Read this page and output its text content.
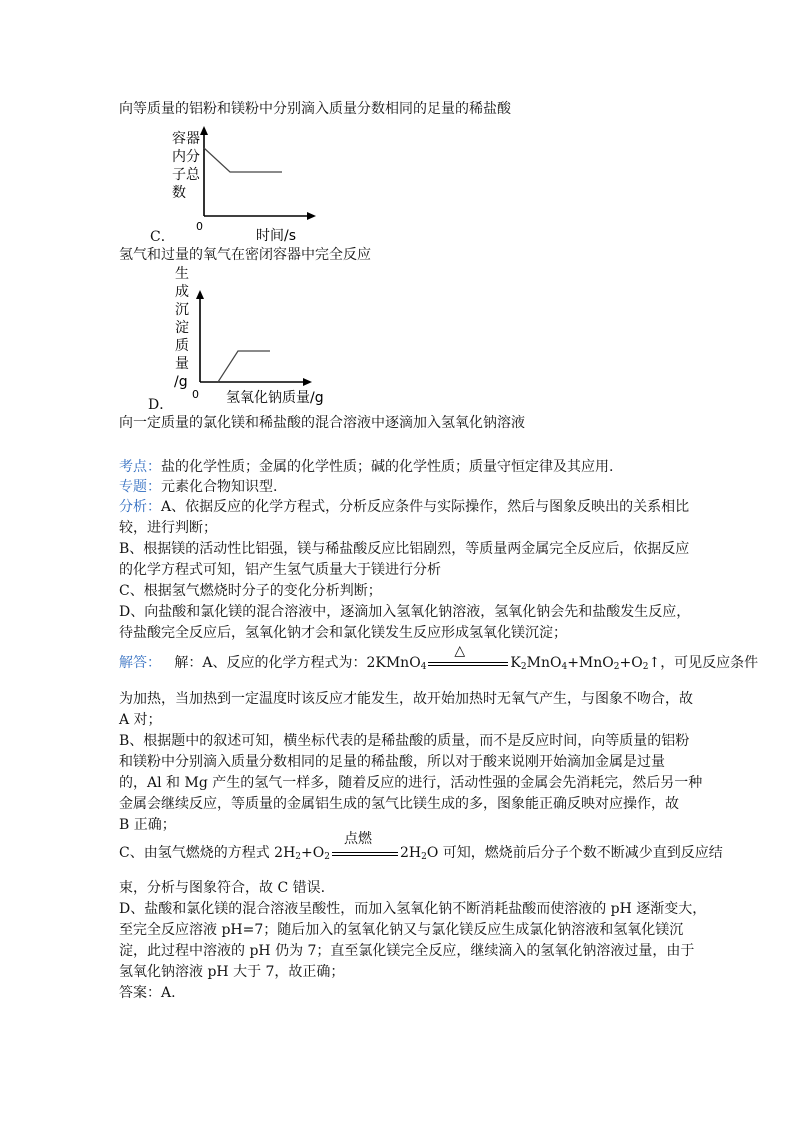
向等质量的铝粉和镁粉中分别滴入质量分数相同的足量的稀盐酸
容器
内分
子总
数
0
时间/s
C．
氢气和过量的氧气在密闭容器中完全反应
生
成
沉
淀
质
量
/g
0 氢氧化钠质量/g
D．
向一定质量的氯化镁和稀盐酸的混合溶液中逐滴加入氢氧化钠溶液
考点：盐的化学性质；金属的化学性质；碱的化学性质；质量守恒定律及其应用.
专题：元素化合物知识型.
分析：A、依据反应的化学方程式，分析反应条件与实际操作，然后与图象反映出的关系相比
较，进行判断；
B、根据镁的活动性比铝强，镁与稀盐酸反应比铝剧烈，等质量两金属完全反应后，依据反应
的化学方程式可知，铝产生氢气质量大于镁进行分析
C、根据氢气燃烧时分子的变化分析判断；
D、向盐酸和氯化镁的混合溶液中，逐滴加入氢氧化钠溶液，氢氧化钠会先和盐酸发生反应，
待盐酸完全反应后，氢氧化钠才会和氯化镁发生反应形成氢氧化镁沉淀；
解答： 解：A、反应的化学方程式为：2KMnO$_4$
△
$K_2MnO_4+MnO_2+O_2↑$，可见反应条件
为加热，当加热到一定温度时该反应才能发生，故开始加热时无氧气产生，与图象不吻合，故
A 对；
B、根据题中的叙述可知，横坐标代表的是稀盐酸的质量，而不是反应时间，向等质量的铝粉
和镁粉中分别滴入质量分数相同的足量的稀盐酸，所以对于酸来说刚开始滴加金属是过量
的，Al 和 Mg 产生的氢气一样多，随着反应的进行，活动性强的金属会先消耗完，然后另一种
金属会继续反应，等质量的金属铝生成的氢气比镁生成的多，图象能正确反映对应操作，故
B 正确；
C、由氢气燃烧的方程式 $2H_2+O_2$
点燃
$2H_2O$ 可知，燃烧前后分子个数不断减少直到反应结
束，分析与图象符合，故 C 错误.
D、盐酸和氯化镁的混合溶液呈酸性，而加入氢氧化钠不断消耗盐酸而使溶液的 pH 逐渐变大，
至完全反应溶液 pH=7；随后加入的氢氧化钠又与氯化镁反应生成氯化钠溶液和氢氧化镁沉
淀，此过程中溶液的 pH 仍为 7；直至氯化镁完全反应，继续滴入的氢氧化钠溶液过量，由于
氢氧化钠溶液 pH 大于 7，故正确；
答案：A.
